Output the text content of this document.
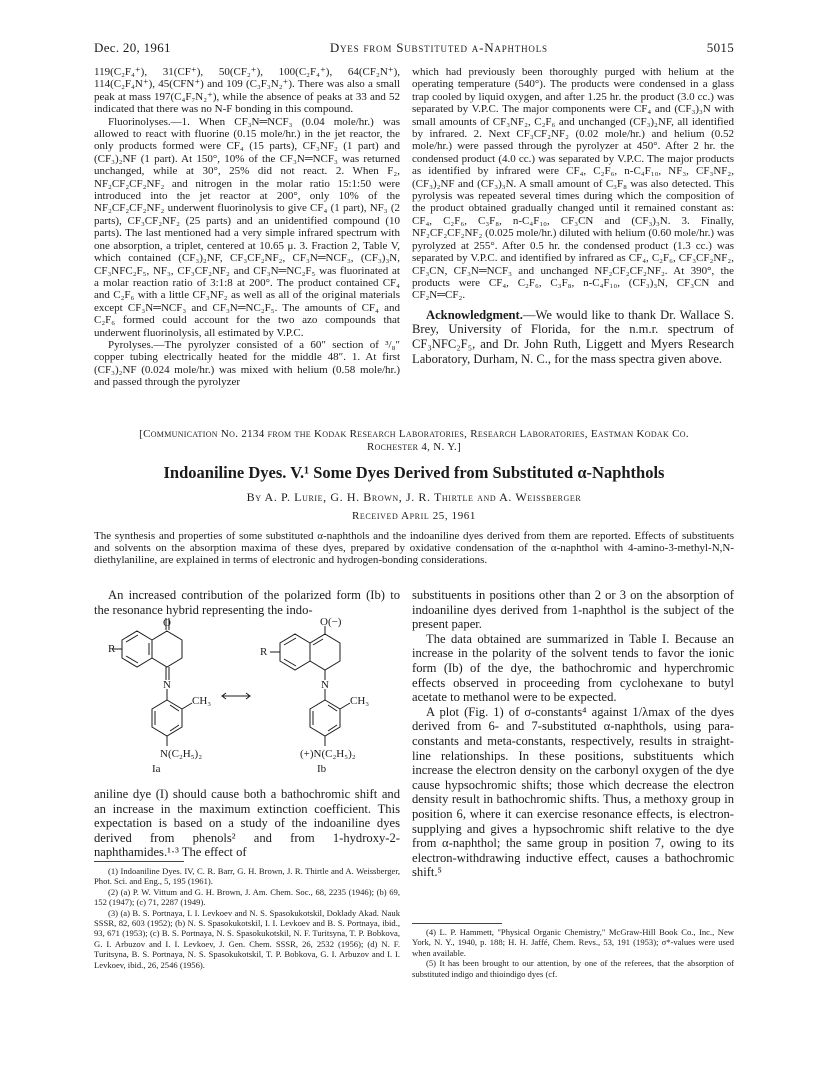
Dec. 20, 1961	Dyes from Substituted α-Naphthols	5015

119(C₂F₄⁺), 31(CF⁺), 50(CF₂⁺), 100(C₂F₄⁺), 64(CF₂N⁺), 114(C₂F₄N⁺), 45(CFN⁺) and 109 (C₃F₃N₂⁺). There was also a small peak at mass 197(C₄F₇N₂⁺), while the absence of peaks at 33 and 52 indicated that there was no N-F bonding in this compound.

Fluorinolyses.—1. When CF₃N═NCF₃ (0.04 mole/hr.) was allowed to react with fluorine (0.15 mole/hr.) in the jet reactor, the only products formed were CF₄ (15 parts), CF₃NF₂ (1 part) and (CF₃)₂NF (1 part). At 150°, 10% of the CF₃N═NCF₃ was returned unchanged, while at 30°, 25% did not react. 2. When F₂, NF₂CF₂CF₂NF₂ and nitrogen in the molar ratio 15:1:50 were introduced into the jet reactor at 200°, only 10% of the NF₂CF₂CF₂NF₂ underwent fluorinolysis to give CF₄ (1 part), NF₃ (2 parts), CF₃CF₂NF₂ (25 parts) and an unidentified compound (10 parts). The last mentioned had a very simple infrared spectrum with one absorption, a triplet, centered at 10.65 μ. 3. Fraction 2, Table V, which contained (CF₃)₂NF, CF₃CF₂NF₂, CF₃N═NCF₃, (CF₃)₃N, CF₃NFC₂F₅, NF₃, CF₃CF₂NF₂ and CF₃N═NC₂F₅ was fluorinated at a molar reaction ratio of 3:1:8 at 200°. The product contained CF₄ and C₂F₆ with a little CF₃NF₂ as well as all of the original materials except CF₃N═NCF₃ and CF₃N═NC₂F₅. The amounts of CF₄ and C₂F₆ formed could account for the two azo compounds that underwent fluorinolysis, all estimated by V.P.C.

Pyrolyses.—The pyrolyzer consisted of a 60″ section of ³/₈″ copper tubing electrically heated for the middle 48″. 1. At first (CF₃)₂NF (0.024 mole/hr.) was mixed with helium (0.58 mole/hr.) and passed through the pyrolyzer

which had previously been thoroughly purged with helium at the operating temperature (540°). The products were condensed in a glass trap cooled by liquid oxygen, and after 1.25 hr. the product (3.0 cc.) was separated by V.P.C. The major components were CF₄ and (CF₃)₃N with small amounts of CF₃NF₂, C₂F₆ and unchanged (CF₃)₂NF, all identified by infrared. 2. Next CF₃CF₂NF₂ (0.02 mole/hr.) and helium (0.52 mole/hr.) were passed through the pyrolyzer at 450°. After 2 hr. the condensed product (4.0 cc.) was separated by V.P.C. The major products as identified by infrared were CF₄, C₂F₆, n-C₄F₁₀, NF₃, CF₃NF₂, (CF₃)₂NF and (CF₃)₃N. A small amount of C₃F₈ was also detected. This pyrolysis was repeated several times during which the composition of the product obtained gradually changed until it remained constant as: CF₄, C₂F₆, C₃F₈, n-C₄F₁₀, CF₃CN and (CF₃)₃N. 3. Finally, NF₂CF₂CF₂NF₂ (0.025 mole/hr.) diluted with helium (0.60 mole/hr.) was pyrolyzed at 255°. After 0.5 hr. the condensed product (1.3 cc.) was separated by V.P.C. and identified by infrared as CF₄, C₂F₆, CF₃CF₂NF₂, CF₃CN, CF₃N═NCF₃ and unchanged NF₂CF₂CF₂NF₂. At 390°, the products were CF₄, C₂F₆, C₃F₈, n-C₄F₁₀, (CF₃)₃N, CF₃CN and CF₂N═CF₂.

Acknowledgment.—We would like to thank Dr. Wallace S. Brey, University of Florida, for the n.m.r. spectrum of CF₃NFC₂F₅, and Dr. John Ruth, Liggett and Myers Research Laboratory, Durham, N. C., for the mass spectra given above.

[Communication No. 2134 from the Kodak Research Laboratories, Research Laboratories, Eastman Kodak Co.
Rochester 4, N. Y.]
Indoaniline Dyes. V.¹ Some Dyes Derived from Substituted α-Naphthols
By A. P. Lurie, G. H. Brown, J. R. Thirtle and A. Weissberger
Received April 25, 1961
The synthesis and properties of some substituted α-naphthols and the indoaniline dyes derived from them are reported. Effects of substituents and solvents on the absorption maxima of these dyes, prepared by oxidative condensation of the α-naphthol with 4-amino-3-methyl-N,N-diethylaniline, are explained in terms of electronic and hydrogen-bonding considerations.

An increased contribution of the polarized form (Ib) to the resonance hybrid representing the indo-

O
R
N
CH₃
N(C₂H₅)₂
Ia
O(−)
R
N
CH₃
(+)N(C₂H₅)₂
Ib

aniline dye (I) should cause both a bathochromic shift and an increase in the maximum extinction coefficient. This expectation is based on a study of the indoaniline dyes derived from phenols² and from 1-hydroxy-2-naphthamides.¹·³ The effect of

(1) Indoaniline Dyes. IV, C. R. Barr, G. H. Brown, J. R. Thirtle and A. Weissberger, Phot. Sci. and Eng., 5, 195 (1961).

(2) (a) P. W. Vittum and G. H. Brown, J. Am. Chem. Soc., 68, 2235 (1946); (b) 69, 152 (1947); (c) 71, 2287 (1949).

(3) (a) B. S. Portnaya, I. I. Levkoev and N. S. Spasokukotskil, Doklady Akad. Nauk SSSR, 82, 603 (1952); (b) N. S. Spasokukotskil, I. I. Levkoev and B. S. Portnaya, ibid., 93, 671 (1953); (c) B. S. Portnaya, N. S. Spasokukotskil, N. F. Turitsyna, T. P. Bobkova, G. I. Arbuzov and I. I. Levkoev, J. Gen. Chem. SSSR, 26, 2532 (1956); (d) N. F. Turitsyna, B. S. Portnaya, N. S. Spasokukotskil, T. P. Bobkova, G. I. Arbuzov and I. I. Levkoev, ibid., 26, 2546 (1956).

substituents in positions other than 2 or 3 on the absorption of indoaniline dyes derived from 1-naphthol is the subject of the present paper.

The data obtained are summarized in Table I. Because an increase in the polarity of the solvent tends to favor the ionic form (Ib) of the dye, the bathochromic and hyperchromic effects observed in proceeding from cyclohexane to butyl acetate to methanol were to be expected.

A plot (Fig. 1) of σ-constants⁴ against 1/λmax of the dyes derived from 6- and 7-substituted α-naphthols, using para-constants and meta-constants, respectively, results in straight-line relationships. In these positions, substituents which increase the electron density on the carbonyl oxygen of the dye cause hypsochromic shifts; those which decrease the electron density result in bathochromic shifts. Thus, a methoxy group in position 6, where it can exercise resonance effects, is electron-supplying and gives a hypsochromic shift relative to the dye from α-naphthol; the same group in position 7, owing to its electron-withdrawing inductive effect, causes a bathochromic shift.⁵

(4) L. P. Hammett, "Physical Organic Chemistry," McGraw-Hill Book Co., Inc., New York, N. Y., 1940, p. 188; H. H. Jaffé, Chem. Revs., 53, 191 (1953); σ*-values were used when available.

(5) It has been brought to our attention, by one of the referees, that the absorption of substituted indigo and thioindigo dyes (cf.
